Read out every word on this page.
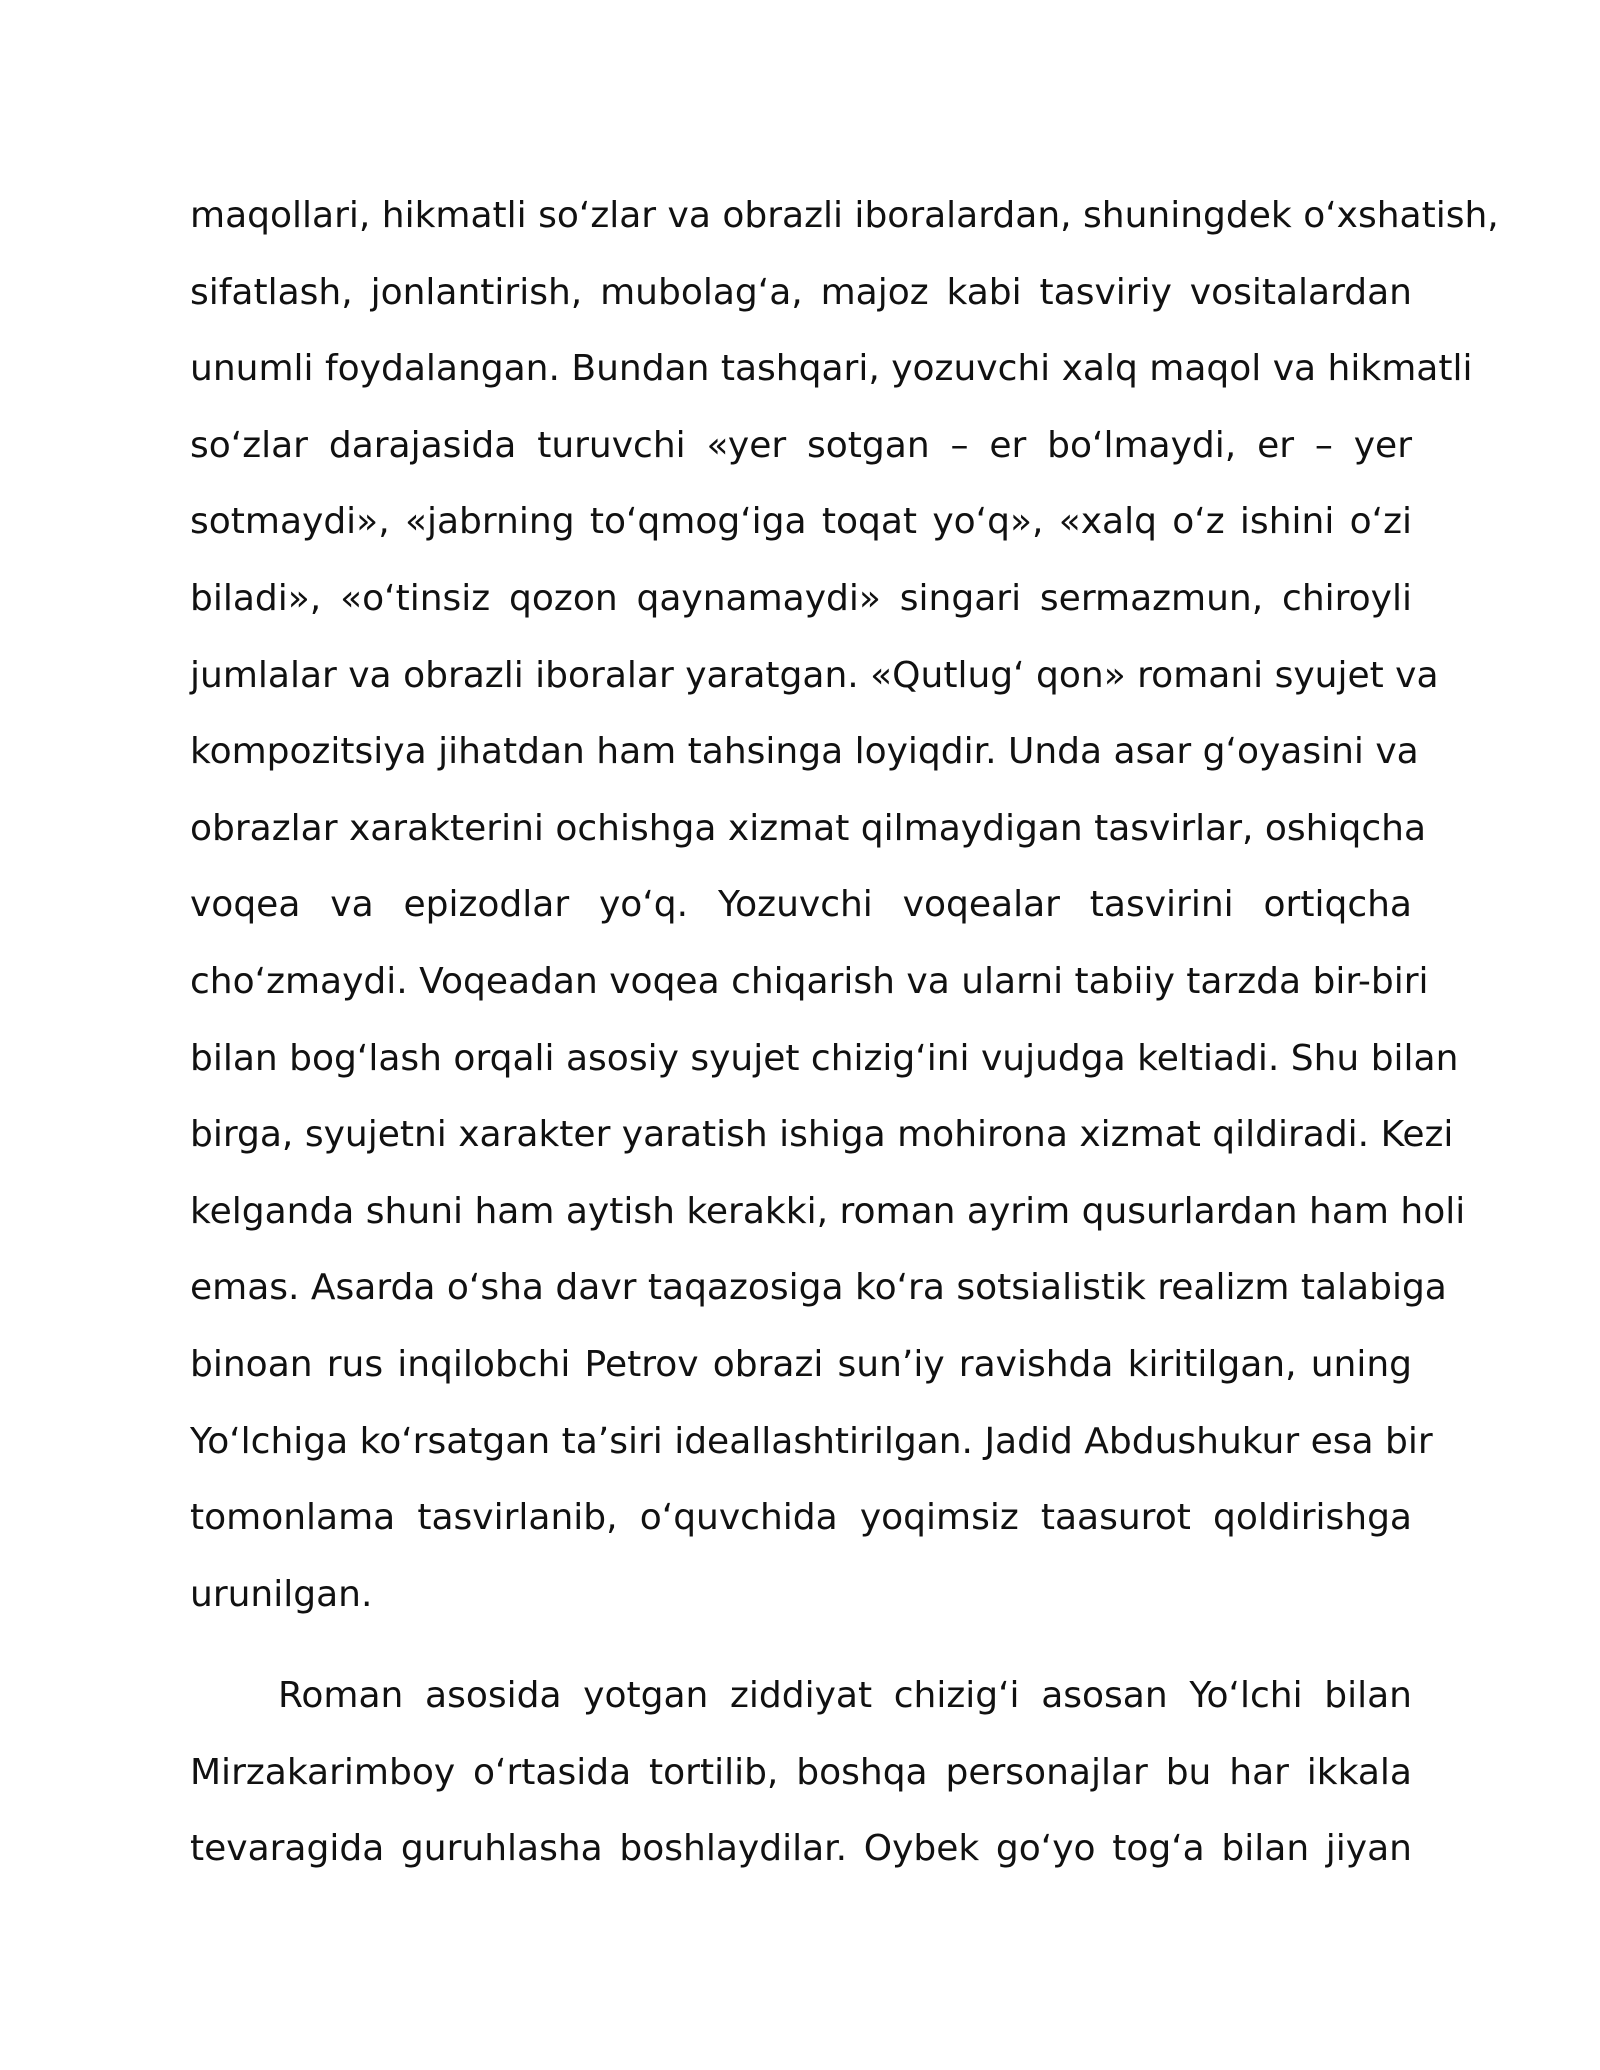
maqollari, hikmatli so‘zlar va obrazli iboralardan, shuningdek o‘xshatish,
sifatlash, jonlantirish, mubolag‘a, majoz kabi tasviriy vositalardan
unumli foydalangan. Bundan tashqari, yozuvchi xalq maqol va hikmatli
so‘zlar darajasida turuvchi «yer sotgan – er bo‘lmaydi, er – yer
sotmaydi», «jabrning to‘qmog‘iga toqat yo‘q», «xalq o‘z ishini o‘zi
biladi», «o‘tinsiz qozon qaynamaydi» singari sermazmun, chiroyli
jumlalar va obrazli iboralar yaratgan. «Qutlug‘ qon» romani syujet va
kompozitsiya jihatdan ham tahsinga loyiqdir. Unda asar g‘oyasini va
obrazlar xarakterini ochishga xizmat qilmaydigan tasvirlar, oshiqcha
voqea va epizodlar yo‘q. Yozuvchi voqealar tasvirini ortiqcha
cho‘zmaydi. Voqeadan voqea chiqarish va ularni tabiiy tarzda bir-biri
bilan bog‘lash orqali asosiy syujet chizig‘ini vujudga keltiadi. Shu bilan
birga, syujetni xarakter yaratish ishiga mohirona xizmat qildiradi. Kezi
kelganda shuni ham aytish kerakki, roman ayrim qusurlardan ham holi
emas. Asarda o‘sha davr taqazosiga ko‘ra sotsialistik realizm talabiga
binoan rus inqilobchi Petrov obrazi sun’iy ravishda kiritilgan, uning
Yo‘lchiga ko‘rsatgan ta’siri ideallashtirilgan. Jadid Abdushukur esa bir
tomonlama tasvirlanib, o‘quvchida yoqimsiz taasurot qoldirishga
urunilgan.
Roman asosida yotgan ziddiyat chizig‘i asosan Yo‘lchi bilan
Mirzakarimboy o‘rtasida tortilib, boshqa personajlar bu har ikkala
tevaragida guruhlasha boshlaydilar. Oybek go‘yo tog‘a bilan jiyan
